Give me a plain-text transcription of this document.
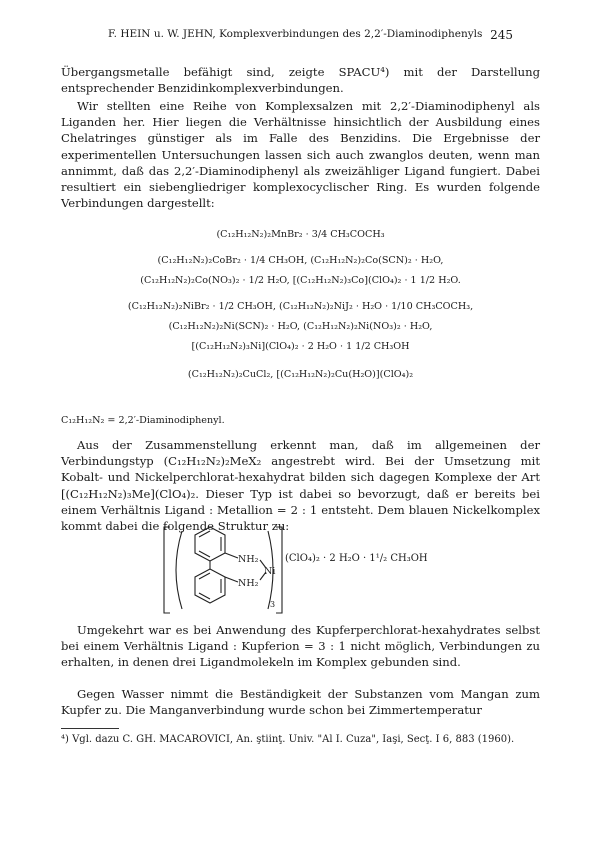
F. HEIN u. W. JEHN, Komplexverbindungen des 2,2′-Diaminodiphenyls 245
Übergangsmetalle befähigt sind, zeigte SPACU⁴) mit der Darstellung entsprechender Benzidinkomplexverbindungen.
Wir stellten eine Reihe von Komplexsalzen mit 2,2′-Diaminodiphenyl als Liganden her. Hier liegen die Verhältnisse hinsichtlich der Ausbildung eines Chelatringes günstiger als im Falle des Benzidins. Die Ergebnisse der experimentellen Untersuchungen lassen sich auch zwanglos deuten, wenn man annimmt, daß das 2,2′-Diaminodiphenyl als zweizähliger Ligand fungiert. Dabei resultiert ein siebengliedriger komplexocyclischer Ring. Es wurden folgende Verbindungen dargestellt:
(C₁₂H₁₂N₂)₂MnBr₂ · 3/4 CH₃COCH₃
(C₁₂H₁₂N₂)₂CoBr₂ · 1/4 CH₃OH, (C₁₂H₁₂N₂)₂Co(SCN)₂ · H₂O,
(C₁₂H₁₂N₂)₂Co(NO₃)₂ · 1/2 H₂O, [(C₁₂H₁₂N₂)₃Co](ClO₄)₂ · 1 1/2 H₂O.
(C₁₂H₁₂N₂)₂NiBr₂ · 1/2 CH₃OH, (C₁₂H₁₂N₂)₂NiJ₂ · H₂O · 1/10 CH₃COCH₃,
(C₁₂H₁₂N₂)₂Ni(SCN)₂ · H₂O, (C₁₂H₁₂N₂)₂Ni(NO₃)₂ · H₂O,
[(C₁₂H₁₂N₂)₃Ni](ClO₄)₂ · 2 H₂O · 1 1/2 CH₃OH
(C₁₂H₁₂N₂)₂CuCl₂, [(C₁₂H₁₂N₂)₂Cu(H₂O)](ClO₄)₂
C₁₂H₁₂N₂ = 2,2′-Diaminodiphenyl.
Aus der Zusammenstellung erkennt man, daß im allgemeinen der Verbindungstyp (C₁₂H₁₂N₂)₂MeX₂ angestrebt wird. Bei der Umsetzung mit Kobalt- und Nickelperchlorat-hexahydrat bilden sich dagegen Komplexe der Art [(C₁₂H₁₂N₂)₃Me](ClO₄)₂. Dieser Typ ist dabei so bevorzugt, daß er bereits bei einem Verhältnis Ligand : Metallion = 2 : 1 entsteht. Dem blauen Nickelkomplex kommt dabei die folgende Struktur zu:
NH₂
NH₂
Ni
3
(ClO₄)₂ · 2 H₂O · 1¹/₂ CH₃OH
Umgekehrt war es bei Anwendung des Kupferperchlorat-hexahydrates selbst bei einem Verhältnis Ligand : Kupferion = 3 : 1 nicht möglich, Verbindungen zu erhalten, in denen drei Ligandmolekeln im Komplex gebunden sind.
Gegen Wasser nimmt die Beständigkeit der Substanzen vom Mangan zum Kupfer zu. Die Manganverbindung wurde schon bei Zimmertemperatur
⁴) Vgl. dazu C. GH. MACAROVICI, An. ştiinţ. Univ. "Al I. Cuza", Iaşi, Secţ. I 6, 883 (1960).
